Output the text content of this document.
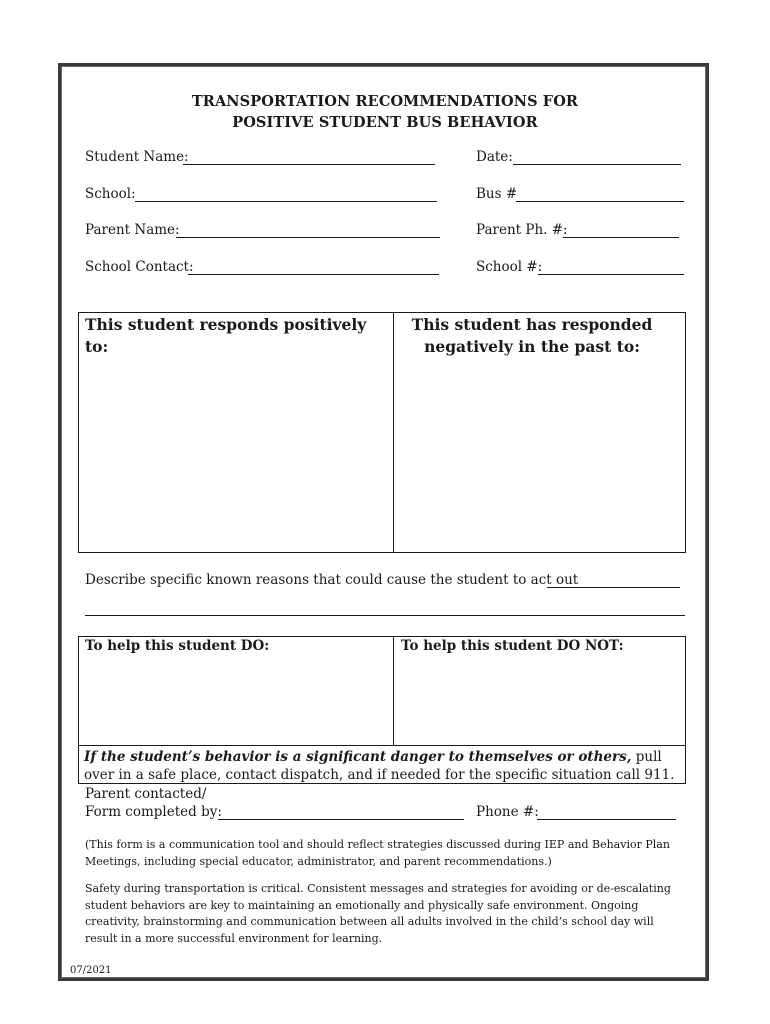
TRANSPORTATION RECOMMENDATIONS FOR
POSITIVE STUDENT BUS BEHAVIOR
Student Name:	Date:
School:	Bus #
Parent Name:	Parent Ph. #:
School Contact:	School #:
This student responds positively to:
This student has responded negatively in the past to:
Describe specific known reasons that could cause the student to act out
To help this student DO:	To help this student DO NOT:
If the student’s behavior is a significant danger to themselves or others, pull over in a safe place, contact dispatch, and if needed for the specific situation call 911.
Parent contacted/
Form completed by:	Phone #:
(This form is a communication tool and should reflect strategies discussed during IEP and Behavior Plan Meetings, including special educator, administrator, and parent recommendations.)
Safety during transportation is critical. Consistent messages and strategies for avoiding or de-escalating student behaviors are key to maintaining an emotionally and physically safe environment. Ongoing creativity, brainstorming and communication between all adults involved in the child’s school day will result in a more successful environment for learning.
07/2021
